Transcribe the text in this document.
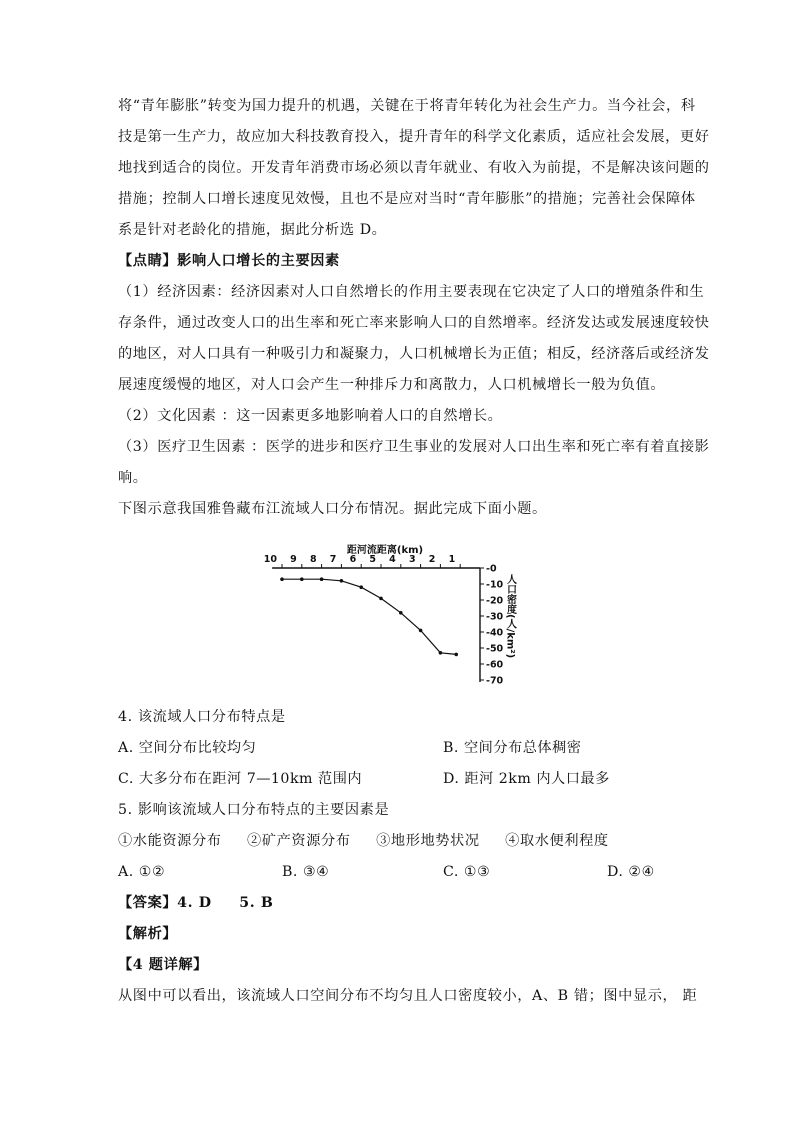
将“青年膨胀”转变为国力提升的机遇，关键在于将青年转化为社会生产力。当今社会，科
技是第一生产力，故应加大科技教育投入，提升青年的科学文化素质，适应社会发展，更好
地找到适合的岗位。开发青年消费市场必须以青年就业、有收入为前提，不是解决该问题的
措施；控制人口增长速度见效慢，且也不是应对当时“青年膨胀”的措施；完善社会保障体
系是针对老龄化的措施，据此分析选 D。
【点睛】影响人口增长的主要因素
（1）经济因素：经济因素对人口自然增长的作用主要表现在它决定了人口的增殖条件和生
存条件，通过改变人口的出生率和死亡率来影响人口的自然增率。经济发达或发展速度较快
的地区，对人口具有一种吸引力和凝聚力，人口机械增长为正值；相反，经济落后或经济发
展速度缓慢的地区，对人口会产生一种排斥力和离散力，人口机械增长一般为负值。
（2）文化因素 ：这一因素更多地影响着人口的自然增长。
（3）医疗卫生因素 ：医学的进步和医疗卫生事业的发展对人口出生率和死亡率有着直接影
响。
下图示意我国雅鲁藏布江流域人口分布情况。据此完成下面小题。
10 9 8 7 6 5 4 3 2 1
距河流距离(km)
-0
-10
-20
-30
-40
-50
-60
-70
人口密度(人/km²)
4. 该流域人口分布特点是
A. 空间分布比较均匀	B. 空间分布总体稠密
C. 大多分布在距河 7—10km 范围内	D. 距河 2km 内人口最多
5. 影响该流域人口分布特点的主要因素是
①水能资源分布     ②矿产资源分布     ③地形地势状况     ④取水便利程度
A. ①②	B. ③④	C. ①③	D. ②④
【答案】4. D     5. B
【解析】
【4 题详解】
从图中可以看出，该流域人口空间分布不均匀且人口密度较小，A、B 错；图中显示， 距
